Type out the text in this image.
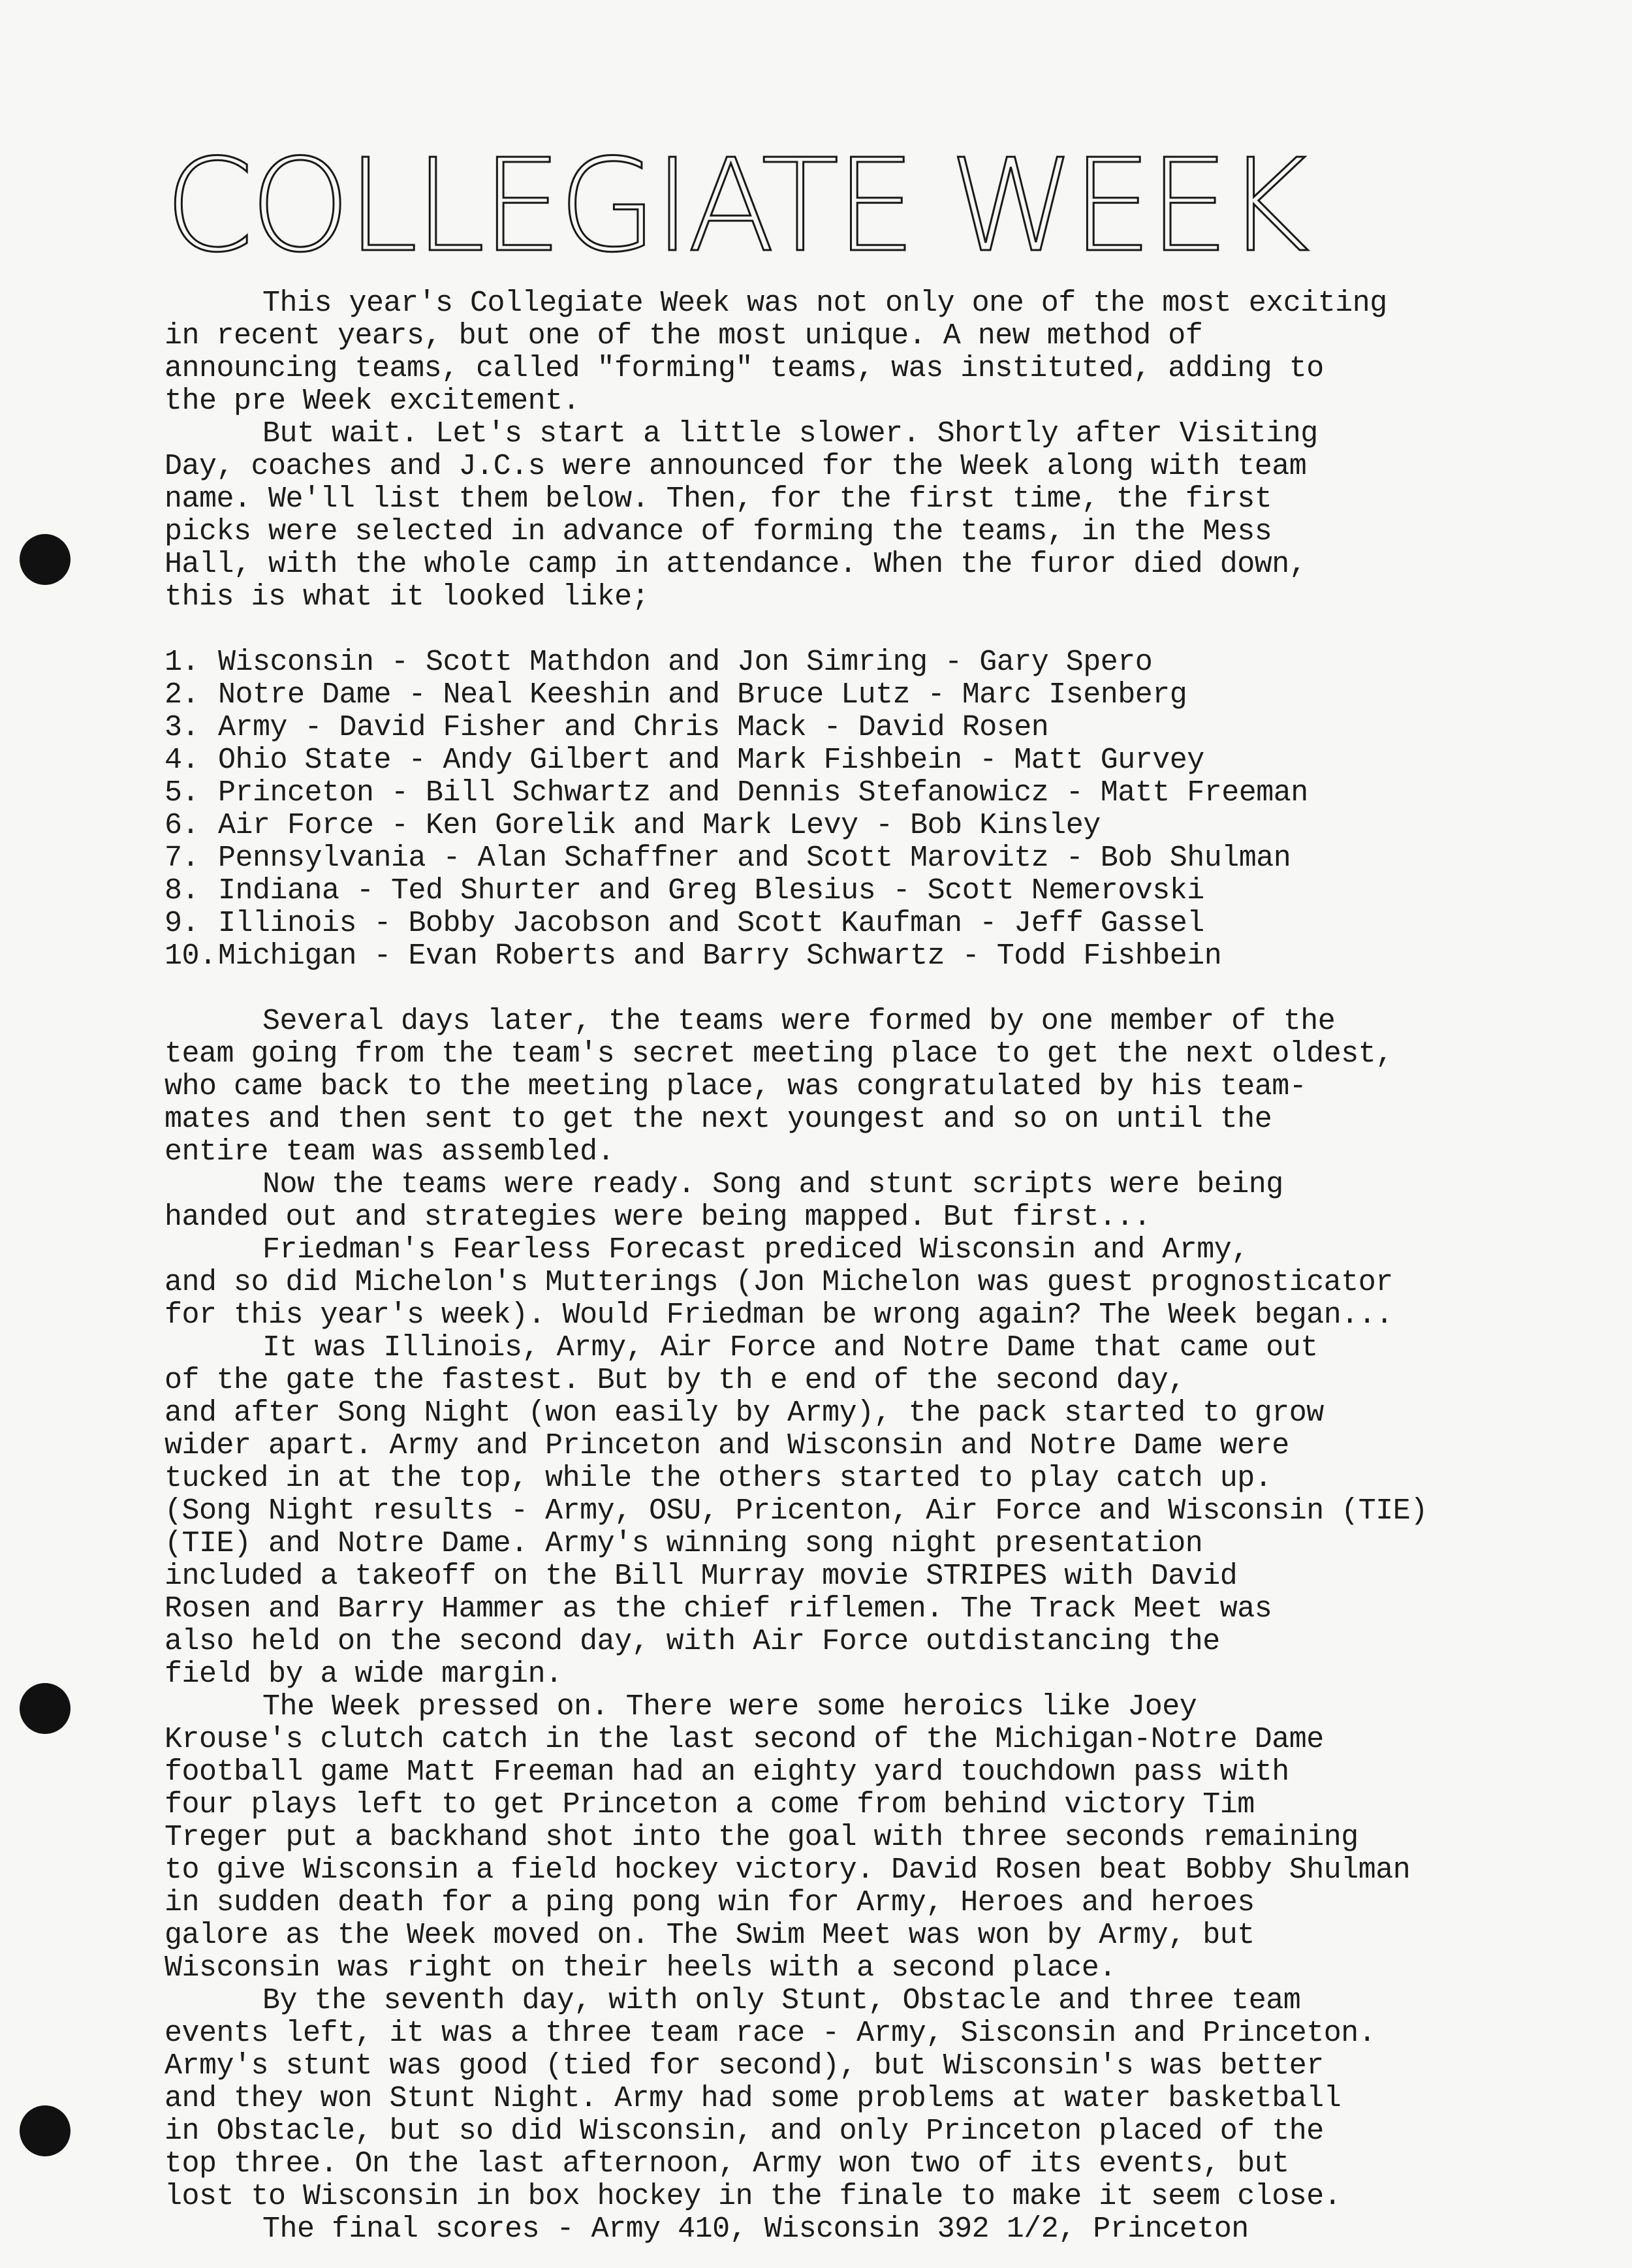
COLLEGIATE WEEK

This year's Collegiate Week was not only one of the most exciting
in recent years, but one of the most unique. A new method of
announcing teams, called "forming" teams, was instituted, adding to
the pre Week excitement.

But wait. Let's start a little slower. Shortly after Visiting
Day, coaches and J.C.s were announced for the Week along with team
name. We'll list them below. Then, for the first time, the first
picks were selected in advance of forming the teams, in the Mess
Hall, with the whole camp in attendance. When the furor died down,
this is what it looked like;

1. Wisconsin - Scott Mathdon and Jon Simring - Gary Spero
2. Notre Dame - Neal Keeshin and Bruce Lutz - Marc Isenberg
3. Army - David Fisher and Chris Mack - David Rosen
4. Ohio State - Andy Gilbert and Mark Fishbein - Matt Gurvey
5. Princeton - Bill Schwartz and Dennis Stefanowicz - Matt Freeman
6. Air Force - Ken Gorelik and Mark Levy - Bob Kinsley
7. Pennsylvania - Alan Schaffner and Scott Marovitz - Bob Shulman
8. Indiana - Ted Shurter and Greg Blesius - Scott Nemerovski
9. Illinois - Bobby Jacobson and Scott Kaufman - Jeff Gassel
10. Michigan - Evan Roberts and Barry Schwartz - Todd Fishbein

Several days later, the teams were formed by one member of the
team going from the team's secret meeting place to get the next oldest,
who came back to the meeting place, was congratulated by his team-
mates and then sent to get the next youngest and so on until the
entire team was assembled.

Now the teams were ready. Song and stunt scripts were being
handed out and strategies were being mapped. But first...

Friedman's Fearless Forecast prediced Wisconsin and Army,
and so did Michelon's Mutterings (Jon Michelon was guest prognosticator
for this year's week). Would Friedman be wrong again? The Week began...

It was Illinois, Army, Air Force and Notre Dame that came out
of the gate the fastest. But by th e end of the second day,
and after Song Night (won easily by Army), the pack started to grow
wider apart. Army and Princeton and Wisconsin and Notre Dame were
tucked in at the top, while the others started to play catch up.
(Song Night results - Army, OSU, Pricenton, Air Force and Wisconsin (TIE)
(TIE) and Notre Dame. Army's winning song night presentation
included a takeoff on the Bill Murray movie STRIPES with David
Rosen and Barry Hammer as the chief riflemen. The Track Meet was
also held on the second day, with Air Force outdistancing the
field by a wide margin.

The Week pressed on. There were some heroics like Joey
Krouse's clutch catch in the last second of the Michigan-Notre Dame
football game Matt Freeman had an eighty yard touchdown pass with
four plays left to get Princeton a come from behind victory Tim
Treger put a backhand shot into the goal with three seconds remaining
to give Wisconsin a field hockey victory. David Rosen beat Bobby Shulman
in sudden death for a ping pong win for Army, Heroes and heroes
galore as the Week moved on. The Swim Meet was won by Army, but
Wisconsin was right on their heels with a second place.

By the seventh day, with only Stunt, Obstacle and three team
events left, it was a three team race - Army, Sisconsin and Princeton.
Army's stunt was good (tied for second), but Wisconsin's was better
and they won Stunt Night. Army had some problems at water basketball
in Obstacle, but so did Wisconsin, and only Princeton placed of the
top three. On the last afternoon, Army won two of its events, but
lost to Wisconsin in box hockey in the finale to make it seem close.

The final scores - Army 410, Wisconsin 392 1/2, Princeton
